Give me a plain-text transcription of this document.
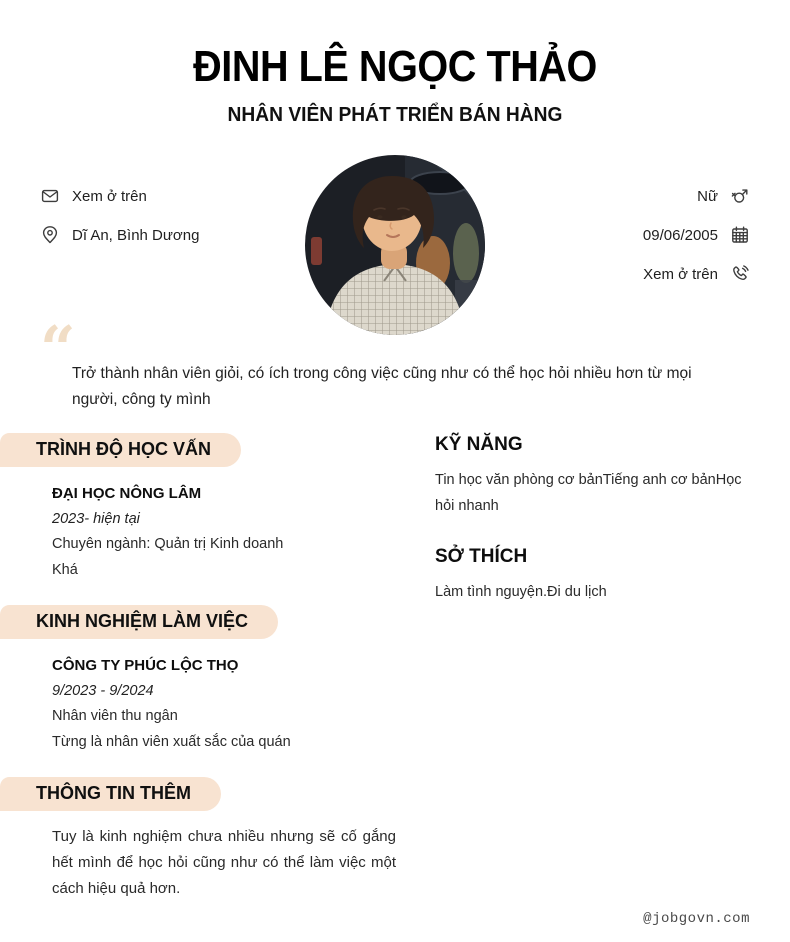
ĐINH LÊ NGỌC THẢO
NHÂN VIÊN PHÁT TRIỂN BÁN HÀNG
Xem ở trên
Dĩ An, Bình Dương
Nữ
09/06/2005
Xem ở trên
“
Trở thành nhân viên giỏi, có ích trong công việc cũng như có thể học hỏi nhiều hơn từ mọi người, công ty mình
TRÌNH ĐỘ HỌC VẤN

ĐẠI HỌC NÔNG LÂM

2023- hiện tại

Chuyên ngành: Quản trị Kinh doanh

Khá

KINH NGHIỆM LÀM VIỆC

CÔNG TY PHÚC LỘC THỌ

9/2023 - 9/2024

Nhân viên thu ngân

Từng là nhân viên xuất sắc của quán

THÔNG TIN THÊM

Tuy là kinh nghiệm chưa nhiều nhưng sẽ cố gắng hết mình để học hỏi cũng như có thể làm việc một cách hiệu quả hơn.

KỸ NĂNG

Tin học văn phòng cơ bảnTiếng anh cơ bảnHọc hỏi nhanh

SỞ THÍCH

Làm tình nguyện.Đi du lịch

@jobgovn.com
